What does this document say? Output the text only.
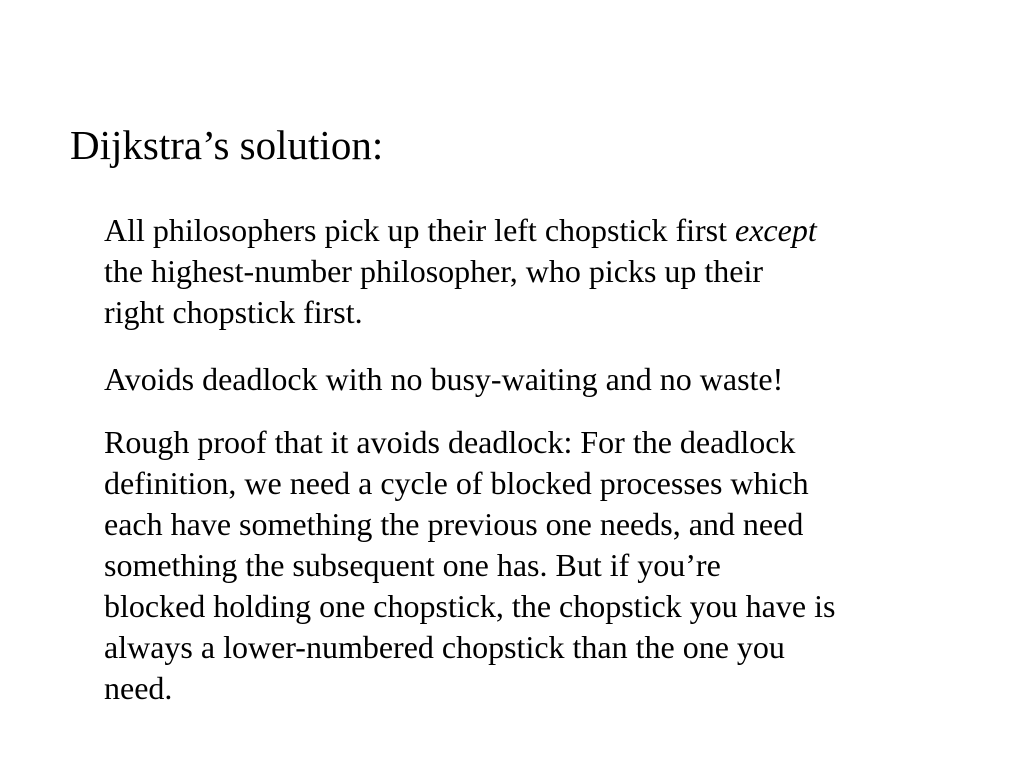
Dijkstra’s solution:

All philosophers pick up their left chopstick first except
the highest-number philosopher, who picks up their
right chopstick first.

Avoids deadlock with no busy-waiting and no waste!

Rough proof that it avoids deadlock: For the deadlock
definition, we need a cycle of blocked processes which
each have something the previous one needs, and need
something the subsequent one has. But if you’re
blocked holding one chopstick, the chopstick you have is
always a lower-numbered chopstick than the one you
need.
